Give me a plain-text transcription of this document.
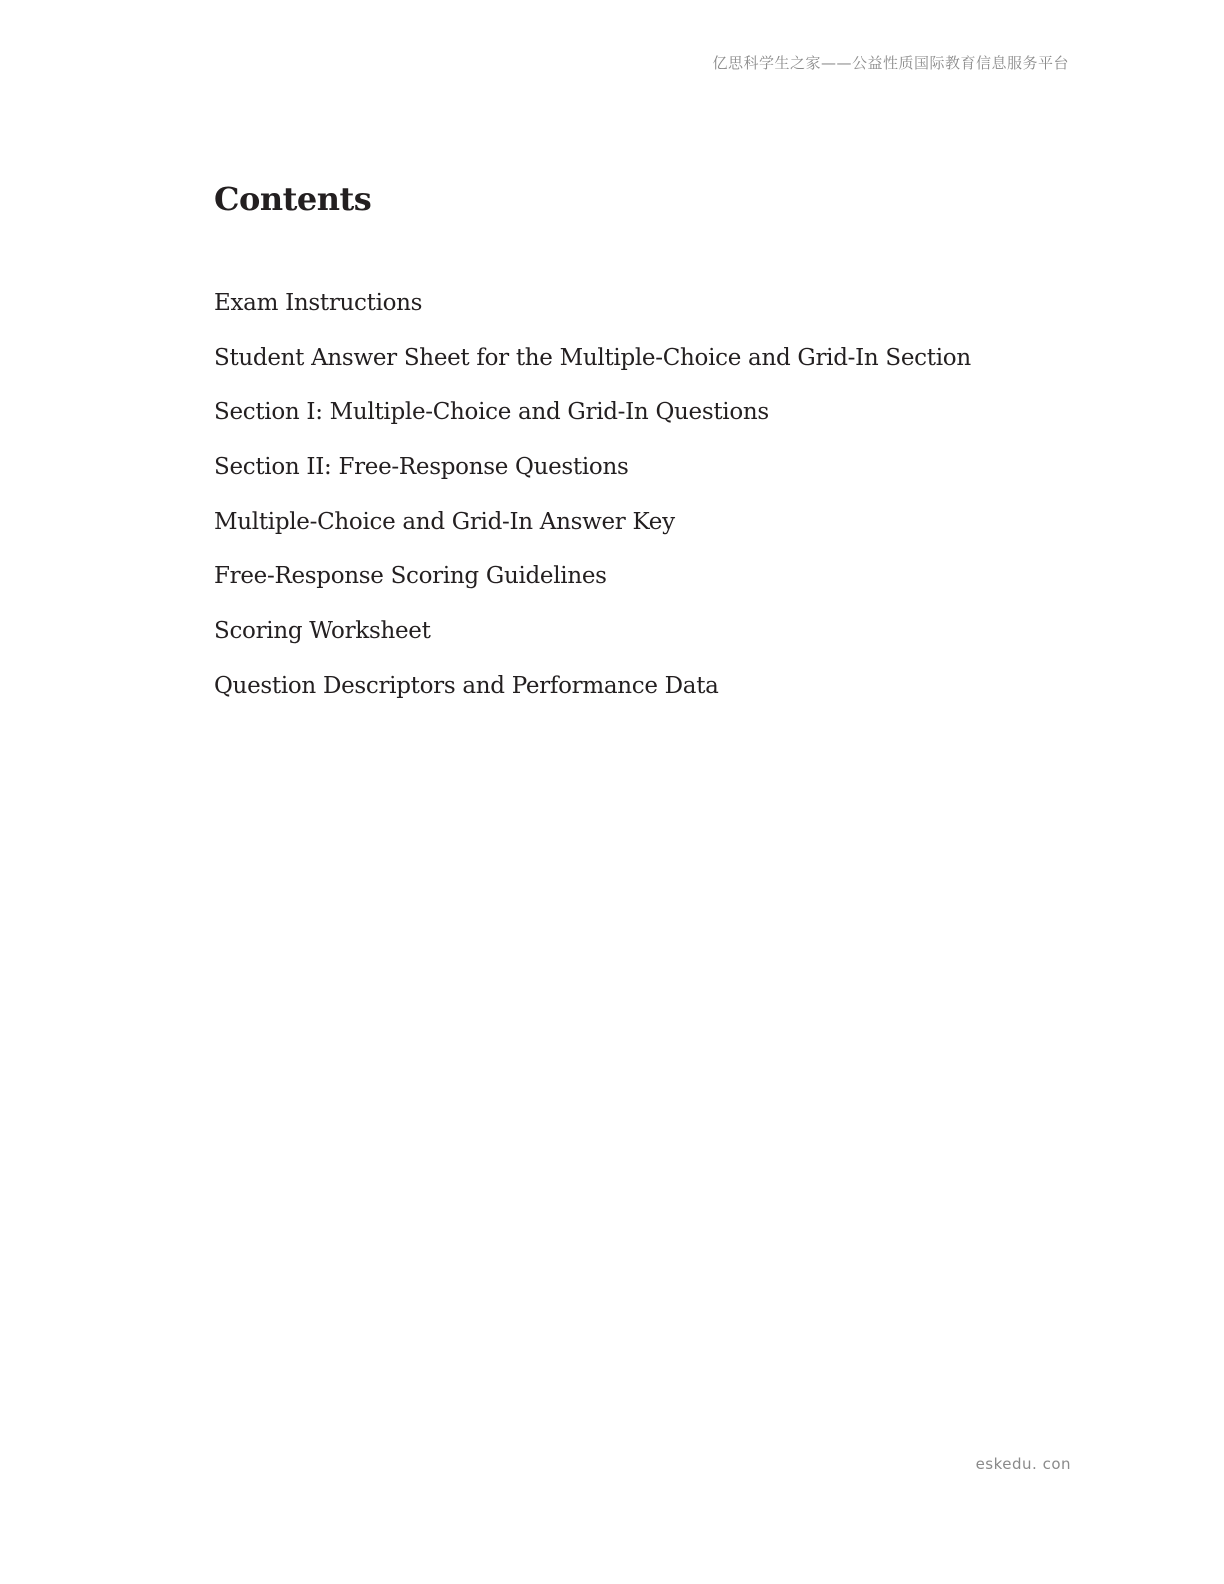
亿思科学生之家——公益性质国际教育信息服务平台
Contents
Exam Instructions
Student Answer Sheet for the Multiple-Choice and Grid-In Section
Section I: Multiple-Choice and Grid-In Questions
Section II: Free-Response Questions
Multiple-Choice and Grid-In Answer Key
Free-Response Scoring Guidelines
Scoring Worksheet
Question Descriptors and Performance Data
eskedu. con
